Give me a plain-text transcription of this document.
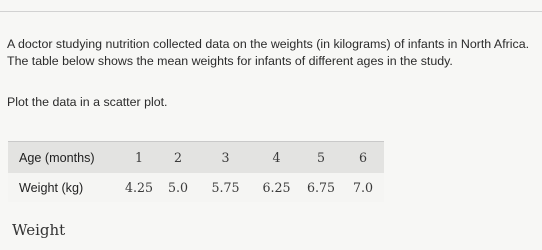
A doctor studying nutrition collected data on the weights (in kilograms) of infants in North Africa. The table below shows the mean weights for infants of different ages in the study.

Plot the data in a scatter plot.

Age (months)	1	2	3	4	5	6
Weight (kg)	4.25	5.0	5.75	6.25	6.75	7.0
Weight
